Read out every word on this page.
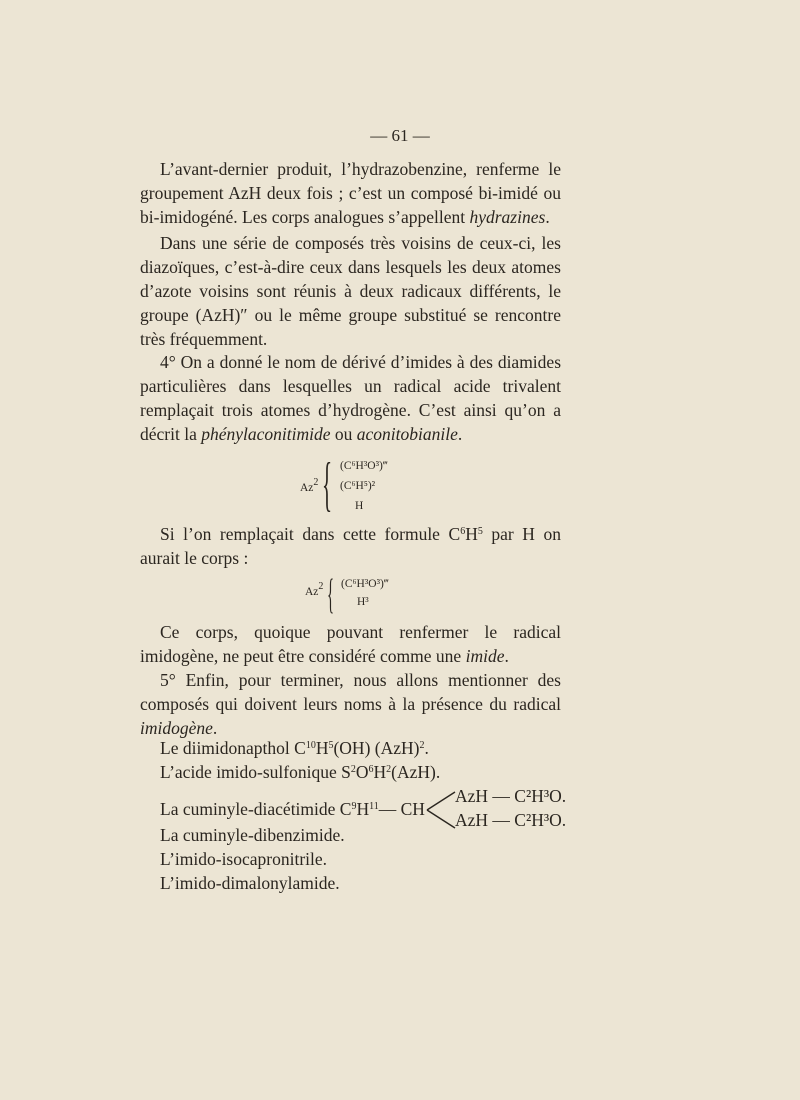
— 61 —

L’avant-dernier produit, l’hydrazobenzine, renferme le groupement AzH deux fois ; c’est un composé bi-imidé ou bi-imidogéné. Les corps analogues s’appellent hydrazines.

Dans une série de composés très voisins de ceux-ci, les diazoïques, c’est-à-dire ceux dans lesquels les deux atomes d’azote voisins sont réunis à deux radicaux différents, le groupe (AzH)″ ou le même groupe substitué se rencontre très fréquemment.

4° On a donné le nom de dérivé d’imides à des diamides particulières dans lesquelles un radical acide trivalent remplaçait trois atomes d’hydrogène. C’est ainsi qu’on a décrit la phénylaconitimide ou aconitobianile.

Az$^2$ { (C⁶H³O³)‴
(C⁶H⁵)²
H

Si l’on remplaçait dans cette formule $C^6H^5$ par H on aurait le corps :

Az$^2$ { (C⁶H³O³)‴
H³

Ce corps, quoique pouvant renfermer le radical imidogène, ne peut être considéré comme une imide.

5° Enfin, pour terminer, nous allons mentionner des composés qui doivent leurs noms à la présence du radical imidogène.

Le diimidonapthol $C^{10}H^5(OH)$ (AzH)$^2$.
L’acide imido-sulfonique $S^2O^6H^2(AzH)$.
La cuminyle-diacétimide $C^9H^{11}—$ CH
AzH — C²H³O.
AzH — C²H³O.
La cuminyle-dibenzimide.
L’imido-isocapronitrile.
L’imido-dimalonylamide.
